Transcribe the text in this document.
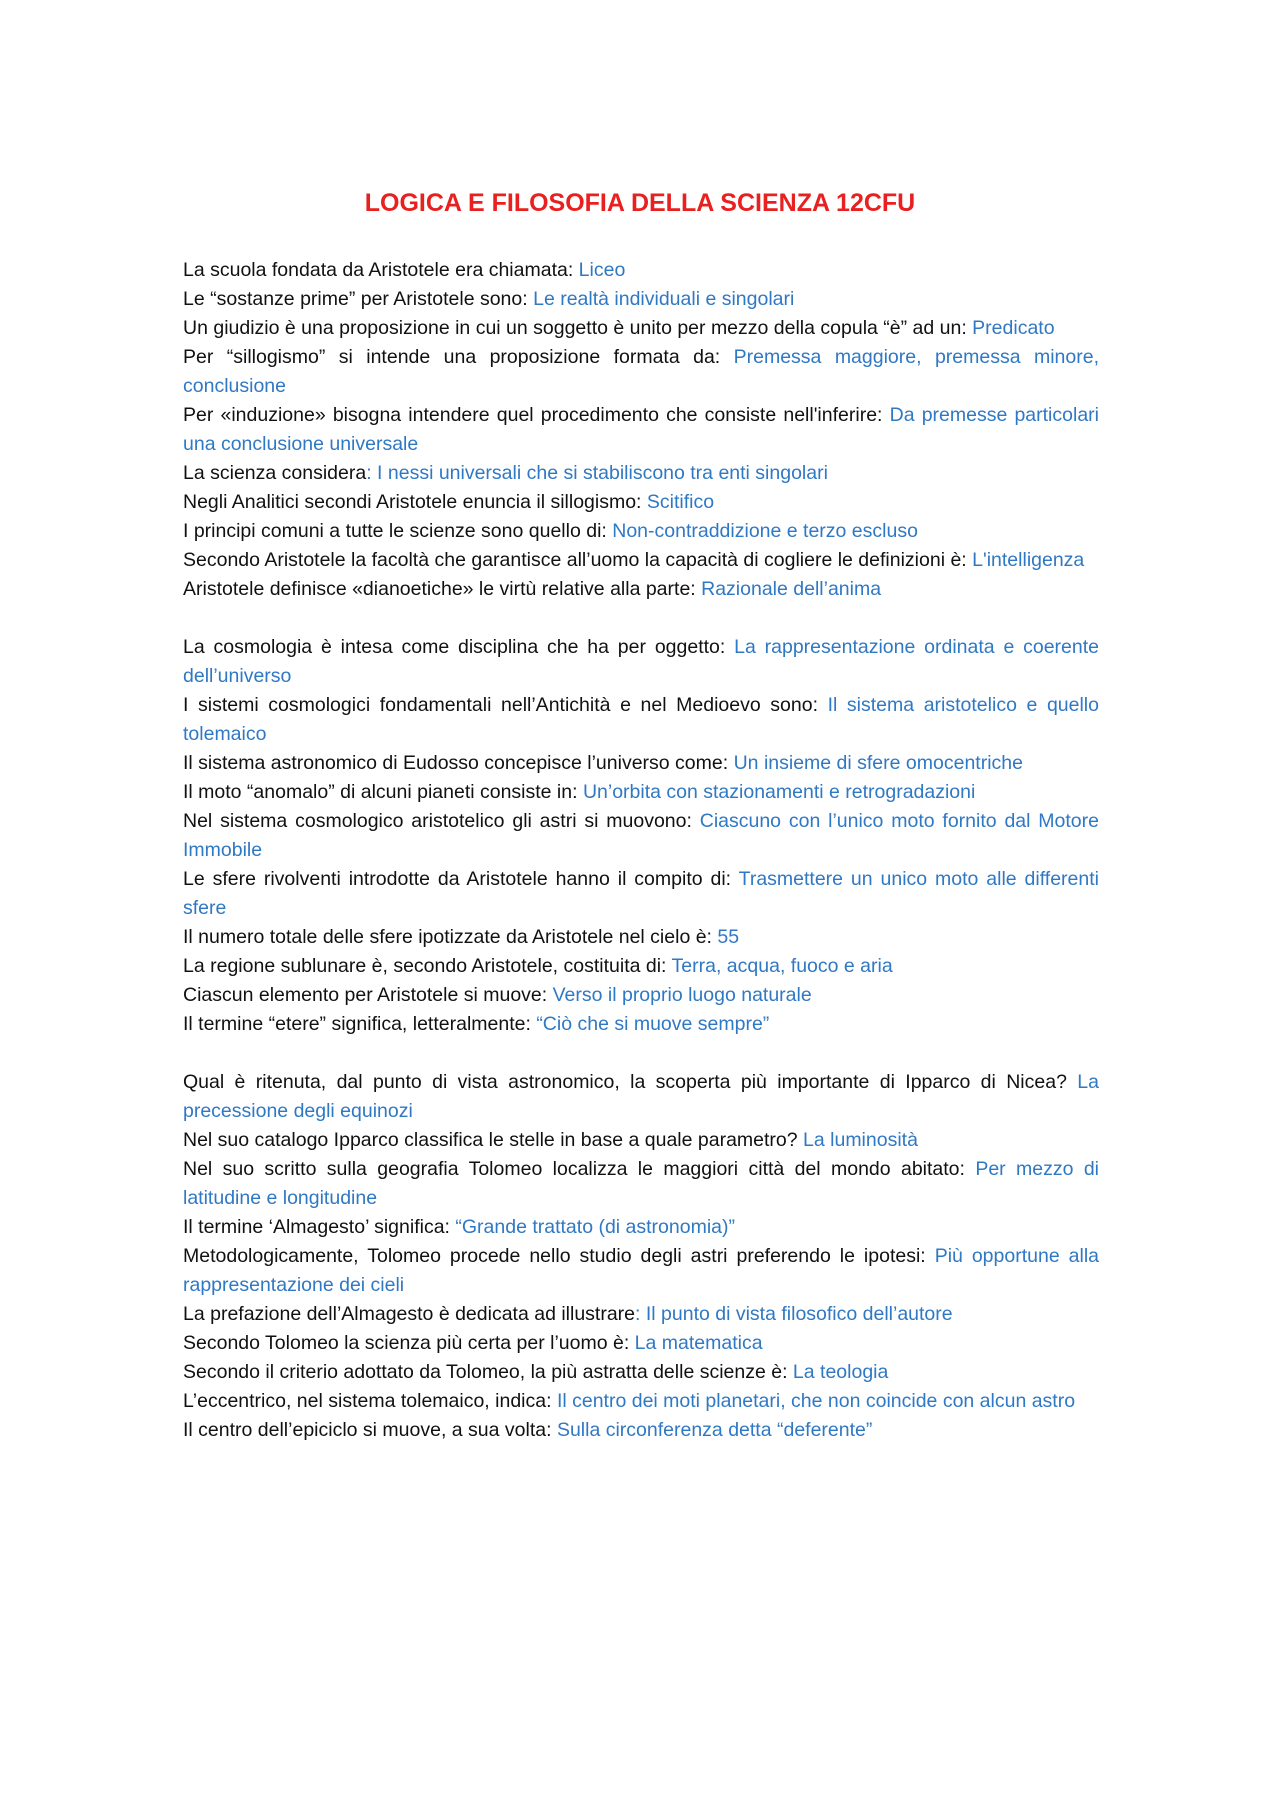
LOGICA E FILOSOFIA DELLA SCIENZA 12CFU

La scuola fondata da Aristotele era chiamata: Liceo

Le “sostanze prime” per Aristotele sono: Le realtà individuali e singolari

Un giudizio è una proposizione in cui un soggetto è unito per mezzo della copula “è” ad un: Predicato

Per “sillogismo” si intende una proposizione formata da: Premessa maggiore, premessa minore, conclusione

Per «induzione» bisogna intendere quel procedimento che consiste nell'inferire: Da premesse particolari una conclusione universale

La scienza considera: I nessi universali che si stabiliscono tra enti singolari

Negli Analitici secondi Aristotele enuncia il sillogismo: Scitifico

I principi comuni a tutte le scienze sono quello di: Non-contraddizione e terzo escluso

Secondo Aristotele la facoltà che garantisce all’uomo la capacità di cogliere le definizioni è: L'intelligenza

Aristotele definisce «dianoetiche» le virtù relative alla parte: Razionale dell’anima

La cosmologia è intesa come disciplina che ha per oggetto: La rappresentazione ordinata e coerente dell’universo

I sistemi cosmologici fondamentali nell’Antichità e nel Medioevo sono: Il sistema aristotelico e quello tolemaico

Il sistema astronomico di Eudosso concepisce l’universo come: Un insieme di sfere omocentriche

Il moto “anomalo” di alcuni pianeti consiste in: Un’orbita con stazionamenti e retrogradazioni

Nel sistema cosmologico aristotelico gli astri si muovono: Ciascuno con l’unico moto fornito dal Motore Immobile

Le sfere rivolventi introdotte da Aristotele hanno il compito di: Trasmettere un unico moto alle differenti sfere

Il numero totale delle sfere ipotizzate da Aristotele nel cielo è: 55

La regione sublunare è, secondo Aristotele, costituita di: Terra, acqua, fuoco e aria

Ciascun elemento per Aristotele si muove: Verso il proprio luogo naturale

Il termine “etere” significa, letteralmente: “Ciò che si muove sempre”

Qual è ritenuta, dal punto di vista astronomico, la scoperta più importante di Ipparco di Nicea? La precessione degli equinozi

Nel suo catalogo Ipparco classifica le stelle in base a quale parametro? La luminosità

Nel suo scritto sulla geografia Tolomeo localizza le maggiori città del mondo abitato: Per mezzo di latitudine e longitudine

Il termine ‘Almagesto’ significa: “Grande trattato (di astronomia)”

Metodologicamente, Tolomeo procede nello studio degli astri preferendo le ipotesi: Più opportune alla rappresentazione dei cieli

La prefazione dell’Almagesto è dedicata ad illustrare: Il punto di vista filosofico dell’autore

Secondo Tolomeo la scienza più certa per l’uomo è: La matematica

Secondo il criterio adottato da Tolomeo, la più astratta delle scienze è: La teologia

L’eccentrico, nel sistema tolemaico, indica: Il centro dei moti planetari, che non coincide con alcun astro

Il centro dell’epiciclo si muove, a sua volta: Sulla circonferenza detta “deferente”
